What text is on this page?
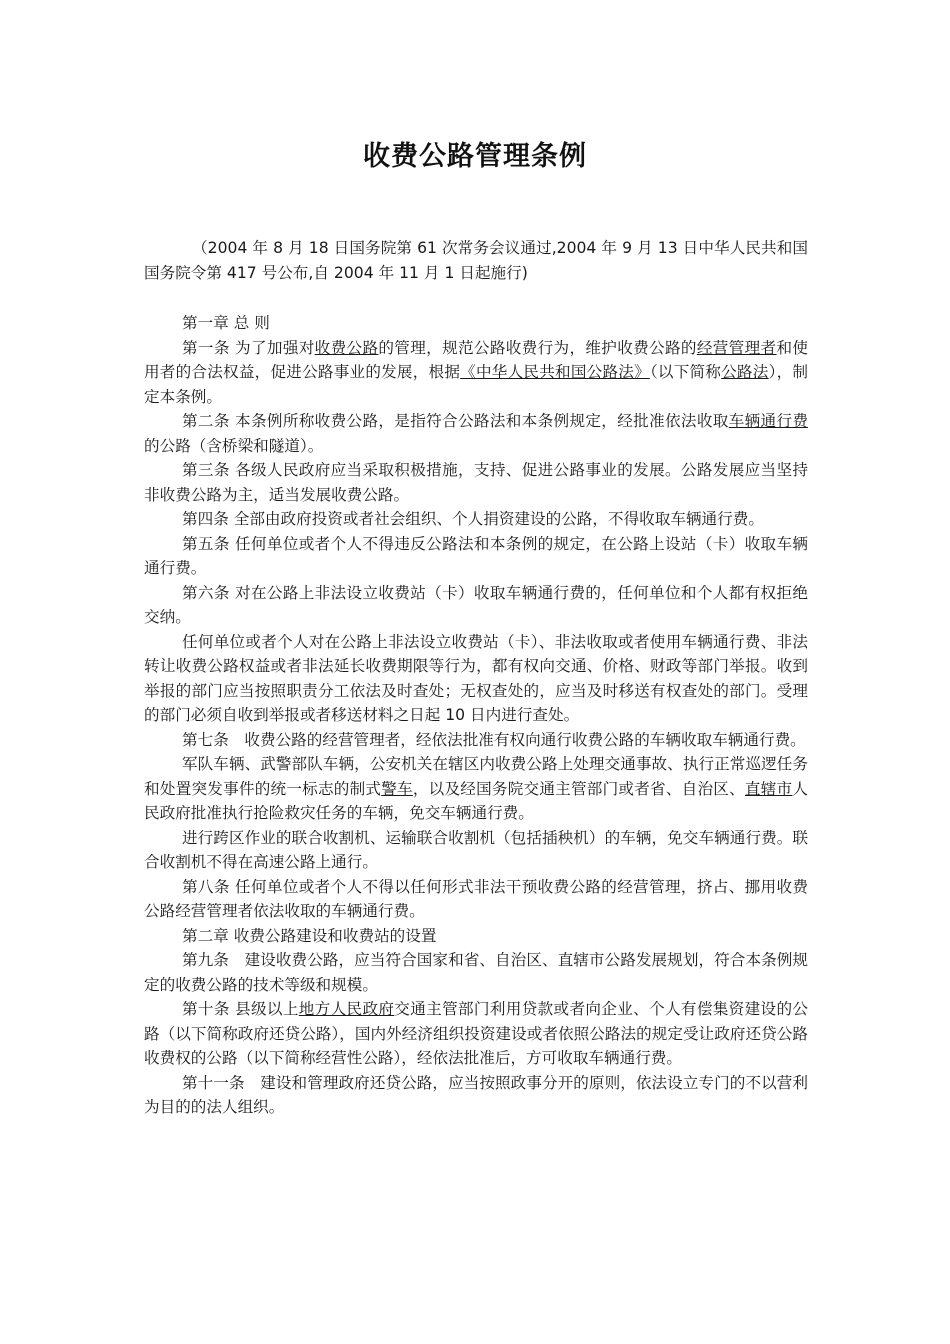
收费公路管理条例

（2004 年 8 月 18 日国务院第 61 次常务会议通过,2004 年 9 月 13 日中华人民共和国国务院令第 417 号公布,自 2004 年 11 月 1 日起施行)

第一章 总 则

第一条 为了加强对收费公路的管理，规范公路收费行为，维护收费公路的经营管理者和使用者的合法权益，促进公路事业的发展，根据《中华人民共和国公路法》（以下简称公路法），制定本条例。

第二条 本条例所称收费公路，是指符合公路法和本条例规定，经批准依法收取车辆通行费的公路（含桥梁和隧道）。

第三条 各级人民政府应当采取积极措施，支持、促进公路事业的发展。公路发展应当坚持非收费公路为主，适当发展收费公路。

第四条 全部由政府投资或者社会组织、个人捐资建设的公路，不得收取车辆通行费。

第五条 任何单位或者个人不得违反公路法和本条例的规定，在公路上设站（卡）收取车辆通行费。

第六条 对在公路上非法设立收费站（卡）收取车辆通行费的，任何单位和个人都有权拒绝交纳。

任何单位或者个人对在公路上非法设立收费站（卡）、非法收取或者使用车辆通行费、非法转让收费公路权益或者非法延长收费期限等行为，都有权向交通、价格、财政等部门举报。收到举报的部门应当按照职责分工依法及时查处；无权查处的，应当及时移送有权查处的部门。受理的部门必须自收到举报或者移送材料之日起 10 日内进行查处。

第七条　收费公路的经营管理者，经依法批准有权向通行收费公路的车辆收取车辆通行费。

军队车辆、武警部队车辆，公安机关在辖区内收费公路上处理交通事故、执行正常巡逻任务和处置突发事件的统一标志的制式警车，以及经国务院交通主管部门或者省、自治区、直辖市人民政府批准执行抢险救灾任务的车辆，免交车辆通行费。

进行跨区作业的联合收割机、运输联合收割机（包括插秧机）的车辆，免交车辆通行费。联合收割机不得在高速公路上通行。

第八条 任何单位或者个人不得以任何形式非法干预收费公路的经营管理，挤占、挪用收费公路经营管理者依法收取的车辆通行费。

第二章 收费公路建设和收费站的设置

第九条　建设收费公路，应当符合国家和省、自治区、直辖市公路发展规划，符合本条例规定的收费公路的技术等级和规模。

第十条 县级以上地方人民政府交通主管部门利用贷款或者向企业、个人有偿集资建设的公路（以下简称政府还贷公路），国内外经济组织投资建设或者依照公路法的规定受让政府还贷公路收费权的公路（以下简称经营性公路），经依法批准后，方可收取车辆通行费。

第十一条　建设和管理政府还贷公路，应当按照政事分开的原则，依法设立专门的不以营利为目的的法人组织。
